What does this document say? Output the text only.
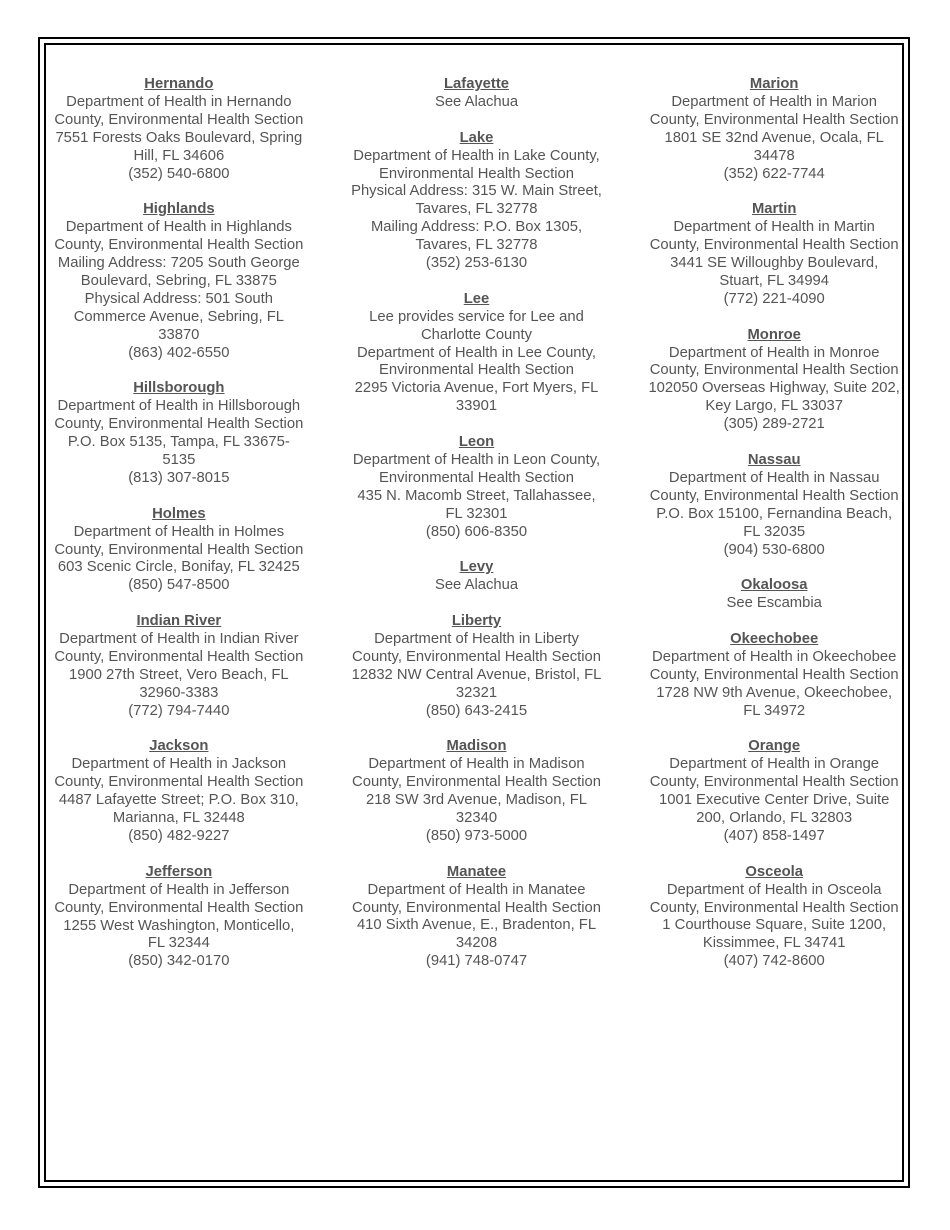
Hernando
Department of Health in Hernando County, Environmental Health Section
7551 Forests Oaks Boulevard, Spring Hill, FL 34606
(352) 540-6800
Highlands
Department of Health in Highlands County, Environmental Health Section
Mailing Address: 7205 South George Boulevard, Sebring, FL 33875
Physical Address: 501 South Commerce Avenue, Sebring, FL 33870
(863) 402-6550
Hillsborough
Department of Health in Hillsborough County, Environmental Health Section
P.O. Box 5135, Tampa, FL 33675-5135
(813) 307-8015
Holmes
Department of Health in Holmes County, Environmental Health Section
603 Scenic Circle, Bonifay, FL 32425
(850) 547-8500
Indian River
Department of Health in Indian River County, Environmental Health Section
1900 27th Street, Vero Beach, FL 32960-3383
(772) 794-7440
Jackson
Department of Health in Jackson County, Environmental Health Section
4487 Lafayette Street; P.O. Box 310, Marianna, FL 32448
(850) 482-9227
Jefferson
Department of Health in Jefferson County, Environmental Health Section
1255 West Washington, Monticello, FL 32344
(850) 342-0170
Lafayette
See Alachua
Lake
Department of Health in Lake County, Environmental Health Section
Physical Address: 315 W. Main Street, Tavares, FL 32778
Mailing Address: P.O. Box 1305, Tavares, FL 32778
(352) 253-6130
Lee
Lee provides service for Lee and Charlotte County
Department of Health in Lee County, Environmental Health Section
2295 Victoria Avenue, Fort Myers, FL 33901
Leon
Department of Health in Leon County, Environmental Health Section
435 N. Macomb Street, Tallahassee, FL 32301
(850) 606-8350
Levy
See Alachua
Liberty
Department of Health in Liberty County, Environmental Health Section
12832 NW Central Avenue, Bristol, FL 32321
(850) 643-2415
Madison
Department of Health in Madison County, Environmental Health Section
218 SW 3rd Avenue, Madison, FL 32340
(850) 973-5000
Manatee
Department of Health in Manatee County, Environmental Health Section
410 Sixth Avenue, E., Bradenton, FL 34208
(941) 748-0747
Marion
Department of Health in Marion County, Environmental Health Section
1801 SE 32nd Avenue, Ocala, FL 34478
(352) 622-7744
Martin
Department of Health in Martin County, Environmental Health Section
3441 SE Willoughby Boulevard, Stuart, FL 34994
(772) 221-4090
Monroe
Department of Health in Monroe County, Environmental Health Section
102050 Overseas Highway, Suite 202, Key Largo, FL 33037
(305) 289-2721
Nassau
Department of Health in Nassau County, Environmental Health Section
P.O. Box 15100, Fernandina Beach, FL 32035
(904) 530-6800
Okaloosa
See Escambia
Okeechobee
Department of Health in Okeechobee County, Environmental Health Section
1728 NW 9th Avenue, Okeechobee, FL 34972
Orange
Department of Health in Orange County, Environmental Health Section
1001 Executive Center Drive, Suite 200, Orlando, FL 32803
(407) 858-1497
Osceola
Department of Health in Osceola County, Environmental Health Section
1 Courthouse Square, Suite 1200, Kissimmee, FL 34741
(407) 742-8600
